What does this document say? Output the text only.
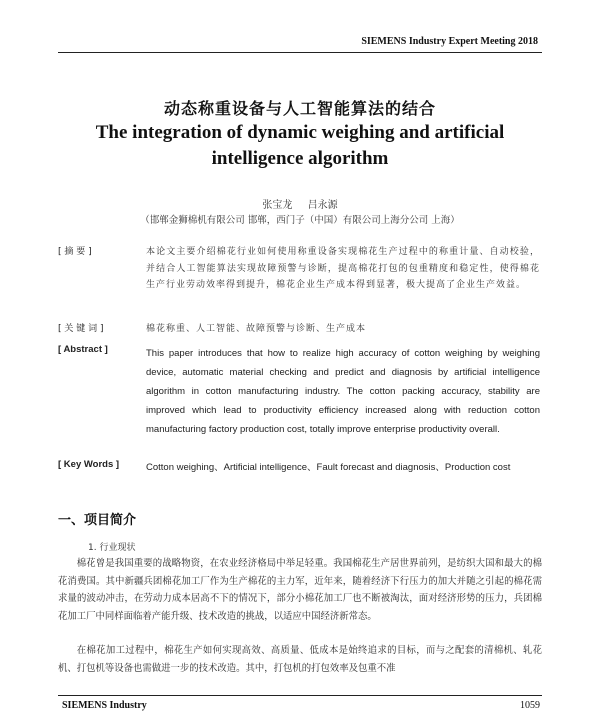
SIEMENS Industry Expert Meeting 2018
动态称重设备与人工智能算法的结合
The integration of dynamic weighing and artificial intelligence algorithm
张宝龙 吕永源
（邯郸金狮棉机有限公司 邯郸，西门子（中国）有限公司上海分公司 上海）
[ 摘 要 ]	本论文主要介绍棉花行业如何使用称重设备实现棉花生产过程中的称重计量、自动校验，并结合人工智能算法实现故障预警与诊断，提高棉花打包的包重精度和稳定性，使得棉花生产行业劳动效率得到提升，棉花企业生产成本得到显著，极大提高了企业生产效益。
[ 关 键 词 ]	棉花称重、人工智能、故障预警与诊断、生产成本
[ Abstract ]	This paper introduces that how to realize high accuracy of cotton weighing by weighing device, automatic material checking and predict and diagnosis by artificial intelligence algorithm in cotton manufacturing industry. The cotton packing accuracy, stability are improved which lead to productivity efficiency increased along with reduction cotton manufacturing factory production cost, totally improve enterprise productivity overall.
[ Key Words ]	Cotton weighing、Artificial intelligence、Fault forecast and diagnosis、Production cost
一、项目简介
1. 行业现状
棉花曾是我国重要的战略物资，在农业经济格局中举足轻重。我国棉花生产居世界前列，是纺织大国和最大的棉花消费国。其中新疆兵团棉花加工厂作为生产棉花的主力军，近年来，随着经济下行压力的加大并随之引起的棉花需求量的波动冲击，在劳动力成本居高不下的情况下，部分小棉花加工厂也不断被淘汰，面对经济形势的压力，兵团棉花加工厂中同样面临着产能升级、技术改造的挑战，以适应中国经济新常态。
在棉花加工过程中，棉花生产如何实现高效、高质量、低成本是始终追求的目标，而与之配套的清棉机、轧花机、打包机等设备也需做进一步的技术改造。其中，打包机的打包效率及包重不准
SIEMENS Industry	1059
